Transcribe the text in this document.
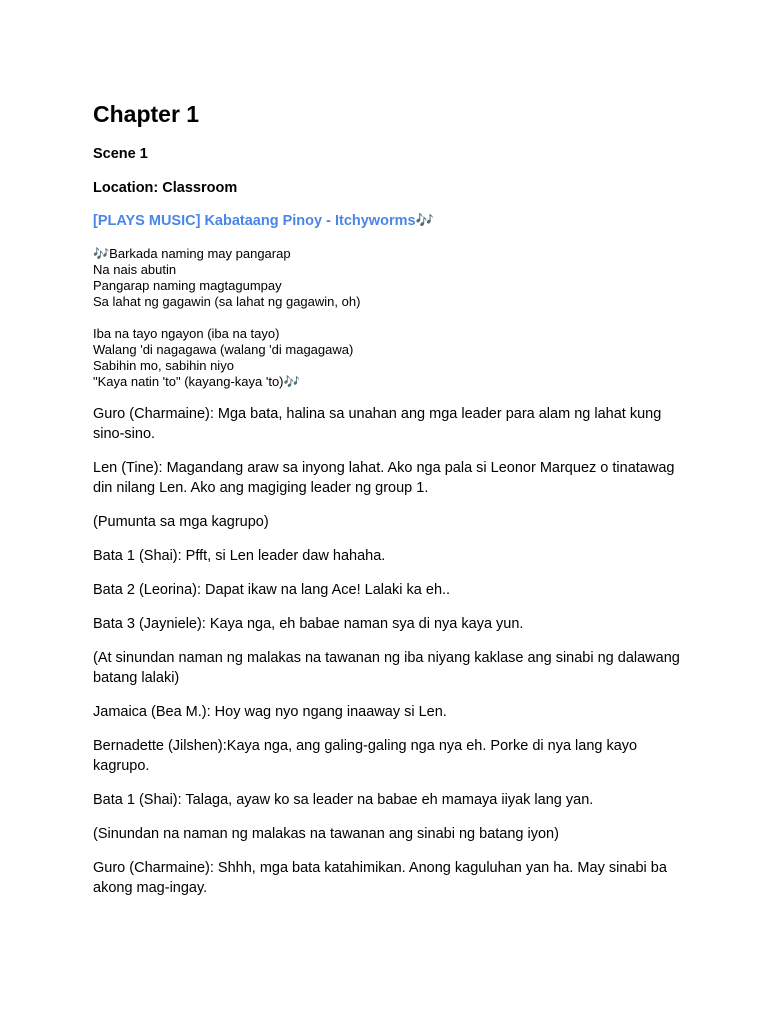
Chapter 1

Scene 1

Location: Classroom

[PLAYS MUSIC] Kabataang Pinoy - Itchyworms🎶

🎶Barkada naming may pangarap
Na nais abutin
Pangarap naming magtagumpay
Sa lahat ng gagawin (sa lahat ng gagawin, oh)
Iba na tayo ngayon (iba na tayo)
Walang 'di nagagawa (walang 'di magagawa)
Sabihin mo, sabihin niyo
"Kaya natin 'to" (kayang-kaya 'to)🎶

Guro (Charmaine): Mga bata, halina sa unahan ang mga leader para alam ng lahat kung sino-sino.

Len (Tine): Magandang araw sa inyong lahat. Ako nga pala si Leonor Marquez o tinatawag din nilang Len. Ako ang magiging leader ng group 1.

(Pumunta sa mga kagrupo)

Bata 1 (Shai): Pfft, si Len leader daw hahaha.

Bata 2 (Leorina): Dapat ikaw na lang Ace! Lalaki ka eh..

Bata 3 (Jayniele): Kaya nga, eh babae naman sya di nya kaya yun.

(At sinundan naman ng malakas na tawanan ng iba niyang kaklase ang sinabi ng dalawang batang lalaki)

Jamaica (Bea M.): Hoy wag nyo ngang inaaway si Len.

Bernadette (Jilshen):Kaya nga, ang galing-galing nga nya eh. Porke di nya lang kayo kagrupo.

Bata 1 (Shai): Talaga, ayaw ko sa leader na babae eh mamaya iiyak lang yan.

(Sinundan na naman ng malakas na tawanan ang sinabi ng batang iyon)

Guro (Charmaine): Shhh, mga bata katahimikan. Anong kaguluhan yan ha. May sinabi ba akong mag-ingay.
